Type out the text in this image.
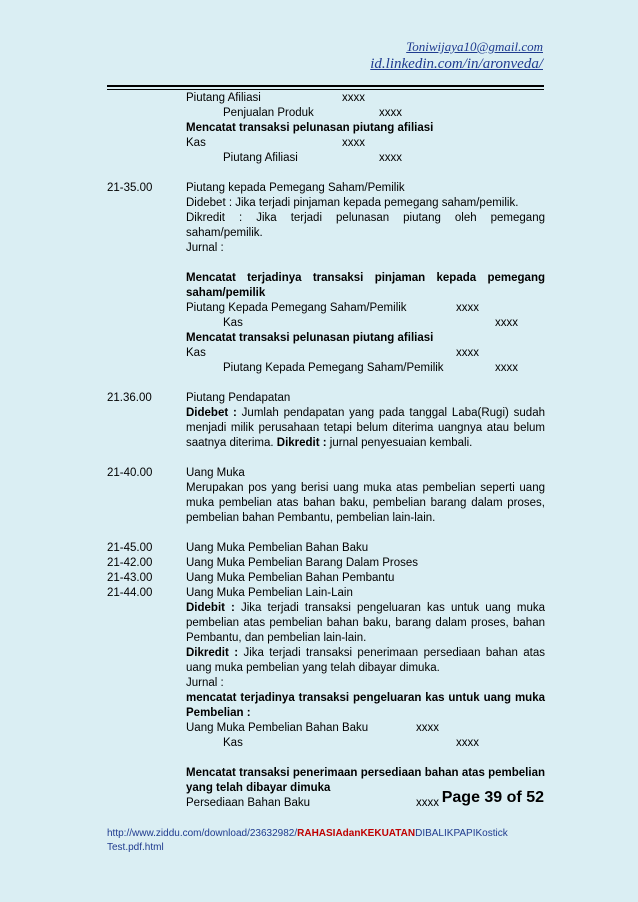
Toniwijaya10@gmail.com
id.linkedin.com/in/aronveda/
Piutang Afiliasi	xxxx
Penjualan Produk	xxxx
Mencatat transaksi pelunasan piutang afiliasi
Kas	xxxx
Piutang Afiliasi	xxxx
21-35.00	Piutang kepada Pemegang Saham/Pemilik
Didebet : Jika terjadi pinjaman kepada pemegang saham/pemilik.
Dikredit : Jika terjadi pelunasan piutang oleh pemegang saham/pemilik.
Jurnal :
Mencatat terjadinya transaksi pinjaman kepada pemegang saham/pemilik
Piutang Kepada Pemegang Saham/Pemilik	xxxx
Kas	xxxx
Mencatat transaksi pelunasan piutang afiliasi
Kas	xxxx
Piutang Kepada Pemegang Saham/Pemilik	xxxx
21.36.00	Piutang Pendapatan
Didebet : Jumlah pendapatan yang pada tanggal Laba(Rugi) sudah menjadi milik perusahaan tetapi belum diterima uangnya atau belum saatnya diterima. Dikredit : jurnal penyesuaian kembali.
21-40.00	Uang Muka
Merupakan pos yang berisi uang muka atas pembelian seperti uang muka pembelian atas bahan baku, pembelian barang dalam proses, pembelian bahan Pembantu, pembelian lain-lain.
21-45.00	Uang Muka Pembelian Bahan Baku
21-42.00	Uang Muka Pembelian Barang Dalam Proses
21-43.00	Uang Muka Pembelian Bahan Pembantu
21-44.00	Uang Muka Pembelian Lain-Lain
Didebit : Jika terjadi transaksi pengeluaran kas untuk uang muka pembelian atas pembelian bahan baku, barang dalam proses, bahan Pembantu, dan pembelian lain-lain.
Dikredit : Jika terjadi transaksi penerimaan persediaan bahan atas uang muka pembelian yang telah dibayar dimuka.
Jurnal :
mencatat terjadinya transaksi pengeluaran kas untuk uang muka Pembelian :
Uang Muka Pembelian Bahan Baku	xxxx
Kas	xxxx
Mencatat transaksi penerimaan persediaan bahan atas pembelian yang telah dibayar dimuka
Persediaan Bahan Baku	xxxx Page 39 of 52
http://www.ziddu.com/download/23632982/RAHASIAdanKEKUATANDIBALIKPAPIKostick Test.pdf.html
